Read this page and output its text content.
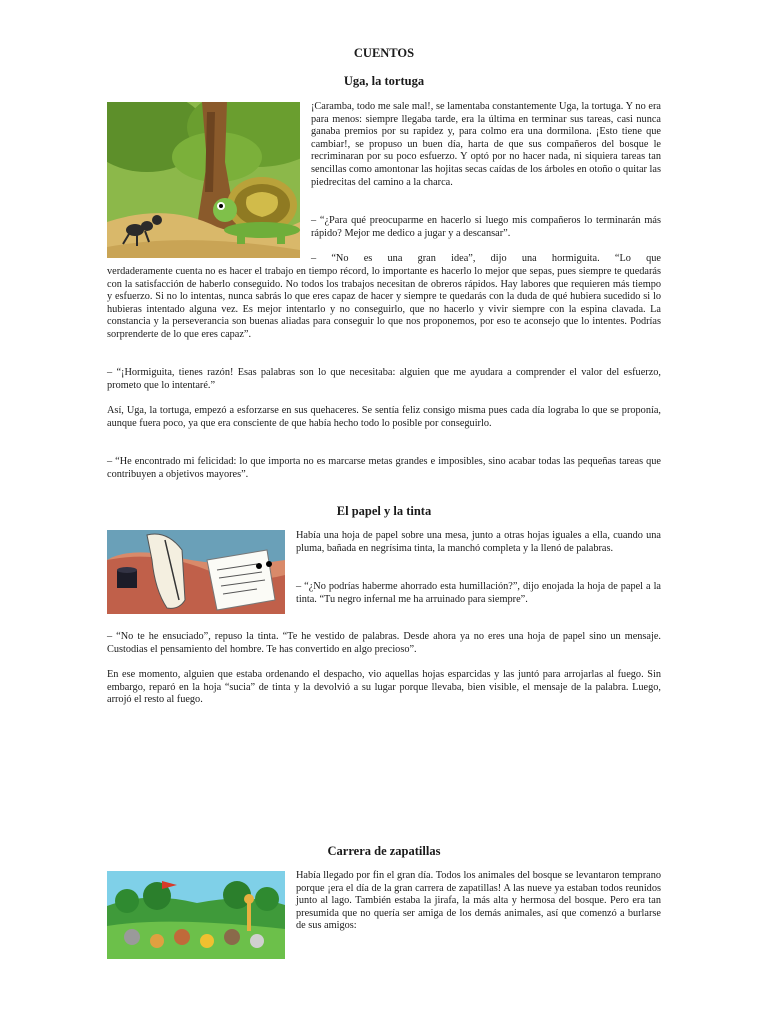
CUENTOS
Uga, la tortuga

¡Caramba, todo me sale mal!, se lamentaba constantemente Uga, la tortuga. Y no era para menos: siempre llegaba tarde, era la última en terminar sus tareas, casi nunca ganaba premios por su rapidez y, para colmo era una dormilona. ¡Esto tiene que cambiar!, se propuso un buen día, harta de que sus compañeros del bosque le recriminaran por su poco esfuerzo. Y optó por no hacer nada, ni siquiera tareas tan sencillas como amontonar las hojitas secas caídas de los árboles en otoño o quitar las piedrecitas del camino a la charca.

– “¿Para qué preocuparme en hacerlo si luego mis compañeros lo terminarán más rápido? Mejor me dedico a jugar y a descansar”.

– “No es una gran idea”, dijo una hormiguita. “Lo que

verdaderamente cuenta no es hacer el trabajo en tiempo récord, lo importante es hacerlo lo mejor que sepas, pues siempre te quedarás con la satisfacción de haberlo conseguido. No todos los trabajos necesitan de obreros rápidos. Hay labores que requieren más tiempo y esfuerzo. Si no lo intentas, nunca sabrás lo que eres capaz de hacer y siempre te quedarás con la duda de qué hubiera sucedido si lo hubieras intentado alguna vez. Es mejor intentarlo y no conseguirlo, que no hacerlo y vivir siempre con la espina clavada. La constancia y la perseverancia son buenas aliadas para conseguir lo que nos proponemos, por eso te aconsejo que lo intentes. Podrías sorprenderte de lo que eres capaz”.

– “¡Hormiguita, tienes razón! Esas palabras son lo que necesitaba: alguien que me ayudara a comprender el valor del esfuerzo, prometo que lo intentaré.”

Así, Uga, la tortuga, empezó a esforzarse en sus quehaceres. Se sentía feliz consigo misma pues cada día lograba lo que se proponía, aunque fuera poco, ya que era consciente de que había hecho todo lo posible por conseguirlo.

– “He encontrado mi felicidad: lo que importa no es marcarse metas grandes e imposibles, sino acabar todas las pequeñas tareas que contribuyen a objetivos mayores”.

El papel y la tinta

Había una hoja de papel sobre una mesa, junto a otras hojas iguales a ella, cuando una pluma, bañada en negrísima tinta, la manchó completa y la llenó de palabras.

– “¿No podrías haberme ahorrado esta humillación?”, dijo enojada la hoja de papel a la tinta. “Tu negro infernal me ha arruinado para siempre”.

– “No te he ensuciado”, repuso la tinta. “Te he vestido de palabras. Desde ahora ya no eres una hoja de papel sino un mensaje. Custodias el pensamiento del hombre. Te has convertido en algo precioso”.

En ese momento, alguien que estaba ordenando el despacho, vio aquellas hojas esparcidas y las juntó para arrojarlas al fuego. Sin embargo, reparó en la hoja “sucia” de tinta y la devolvió a su lugar porque llevaba, bien visible, el mensaje de la palabra. Luego, arrojó el resto al fuego.

Carrera de zapatillas

Había llegado por fin el gran día. Todos los animales del bosque se levantaron temprano porque ¡era el día de la gran carrera de zapatillas! A las nueve ya estaban todos reunidos junto al lago. También estaba la jirafa, la más alta y hermosa del bosque. Pero era tan presumida que no quería ser amiga de los demás animales, así que comenzó a burlarse de sus amigos:
